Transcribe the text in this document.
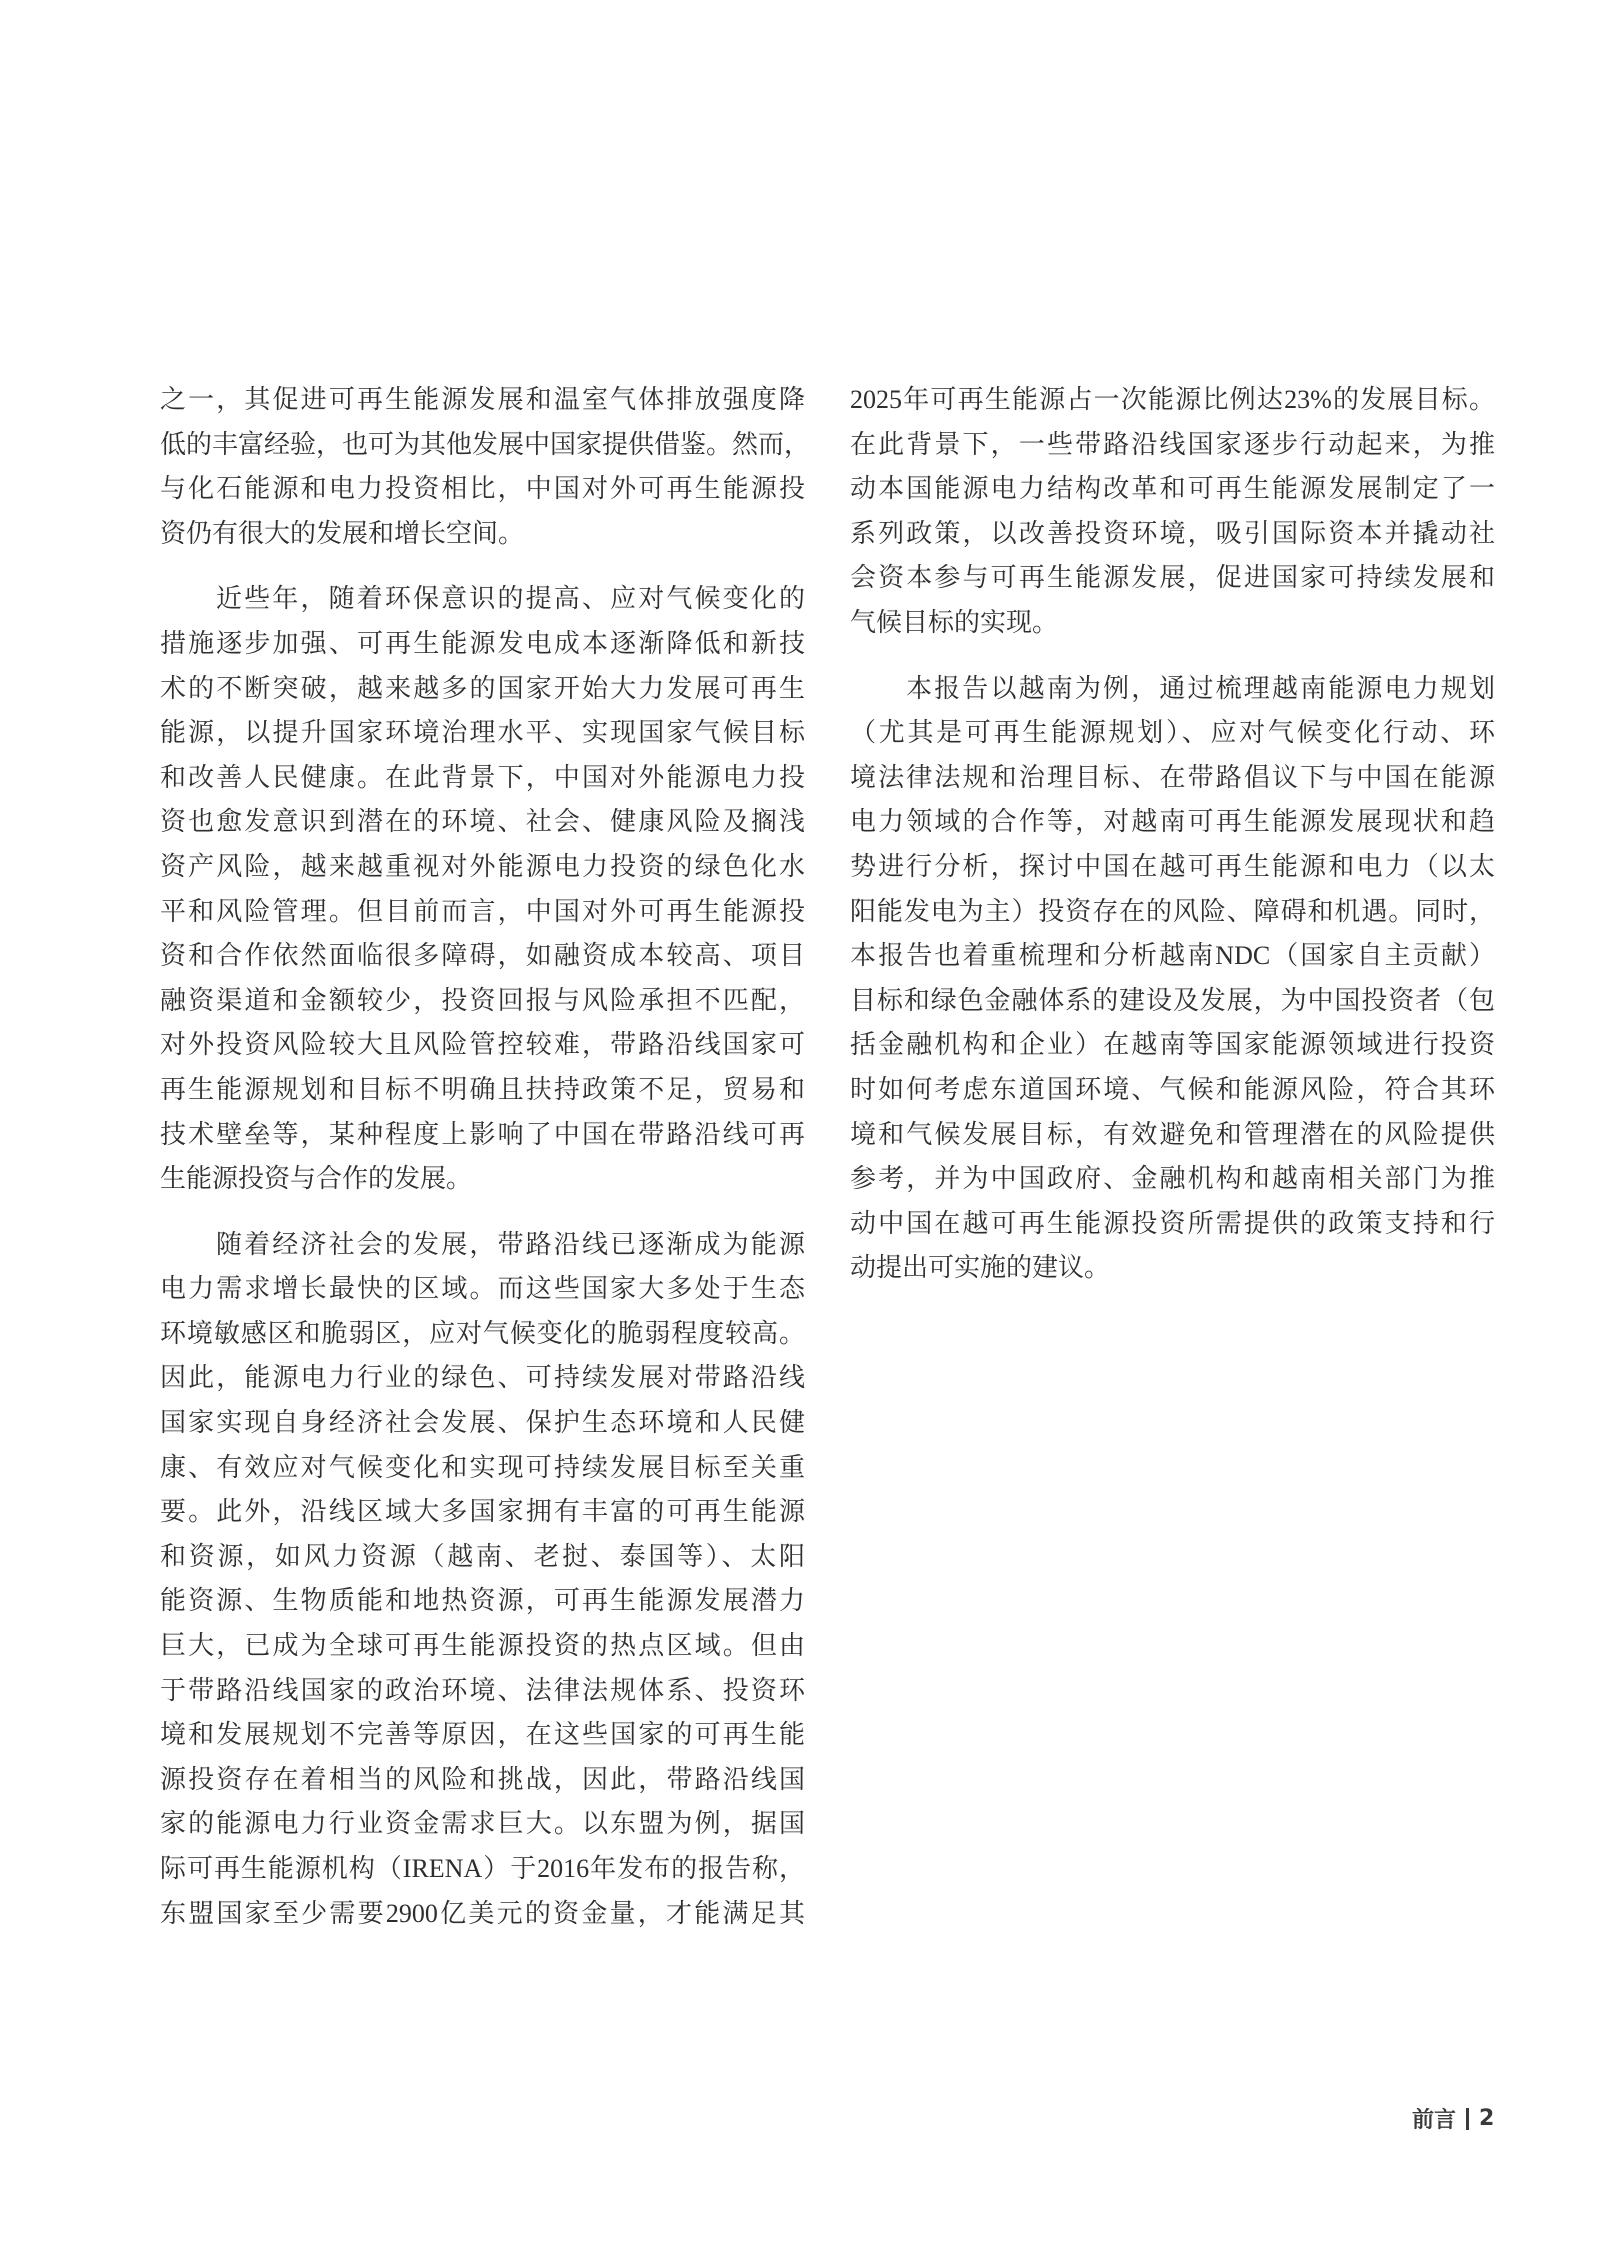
之一，其促进可再生能源发展和温室气体排放强度降
低的丰富经验，也可为其他发展中国家提供借鉴。然而，
与化石能源和电力投资相比，中国对外可再生能源投
资仍有很大的发展和增长空间。
近些年，随着环保意识的提高、应对气候变化的
措施逐步加强、可再生能源发电成本逐渐降低和新技
术的不断突破，越来越多的国家开始大力发展可再生
能源，以提升国家环境治理水平、实现国家气候目标
和改善人民健康。在此背景下，中国对外能源电力投
资也愈发意识到潜在的环境、社会、健康风险及搁浅
资产风险，越来越重视对外能源电力投资的绿色化水
平和风险管理。但目前而言，中国对外可再生能源投
资和合作依然面临很多障碍，如融资成本较高、项目
融资渠道和金额较少，投资回报与风险承担不匹配，
对外投资风险较大且风险管控较难，带路沿线国家可
再生能源规划和目标不明确且扶持政策不足，贸易和
技术壁垒等，某种程度上影响了中国在带路沿线可再
生能源投资与合作的发展。
随着经济社会的发展，带路沿线已逐渐成为能源
电力需求增长最快的区域。而这些国家大多处于生态
环境敏感区和脆弱区，应对气候变化的脆弱程度较高。
因此，能源电力行业的绿色、可持续发展对带路沿线
国家实现自身经济社会发展、保护生态环境和人民健
康、有效应对气候变化和实现可持续发展目标至关重
要。此外，沿线区域大多国家拥有丰富的可再生能源
和资源，如风力资源（越南、老挝、泰国等）、太阳
能资源、生物质能和地热资源，可再生能源发展潜力
巨大，已成为全球可再生能源投资的热点区域。但由
于带路沿线国家的政治环境、法律法规体系、投资环
境和发展规划不完善等原因，在这些国家的可再生能
源投资存在着相当的风险和挑战，因此，带路沿线国
家的能源电力行业资金需求巨大。以东盟为例，据国
际可再生能源机构（IRENA）于2016年发布的报告称，
东盟国家至少需要2900亿美元的资金量，才能满足其
2025年可再生能源占一次能源比例达23%的发展目标。
在此背景下，一些带路沿线国家逐步行动起来，为推
动本国能源电力结构改革和可再生能源发展制定了一
系列政策，以改善投资环境，吸引国际资本并撬动社
会资本参与可再生能源发展，促进国家可持续发展和
气候目标的实现。
本报告以越南为例，通过梳理越南能源电力规划
（尤其是可再生能源规划）、应对气候变化行动、环
境法律法规和治理目标、在带路倡议下与中国在能源
电力领域的合作等，对越南可再生能源发展现状和趋
势进行分析，探讨中国在越可再生能源和电力（以太
阳能发电为主）投资存在的风险、障碍和机遇。同时，
本报告也着重梳理和分析越南NDC（国家自主贡献）
目标和绿色金融体系的建设及发展，为中国投资者（包
括金融机构和企业）在越南等国家能源领域进行投资
时如何考虑东道国环境、气候和能源风险，符合其环
境和气候发展目标，有效避免和管理潜在的风险提供
参考，并为中国政府、金融机构和越南相关部门为推
动中国在越可再生能源投资所需提供的政策支持和行
动提出可实施的建议。
前言 2
